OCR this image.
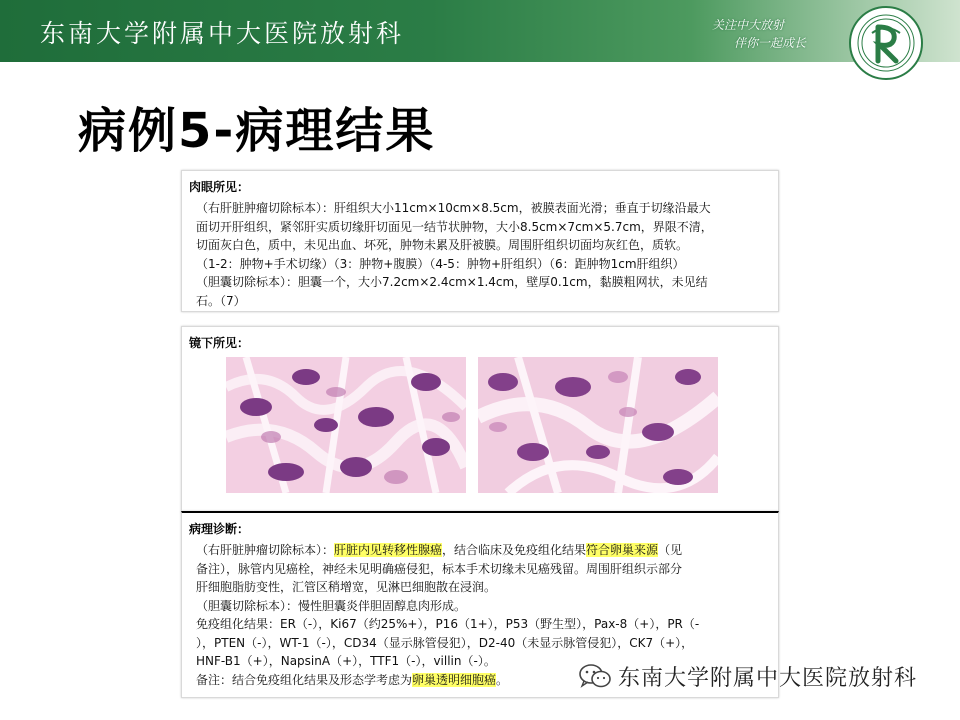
东南大学附属中大医院放射科	关注中大放射
伴你一起成长
病例5-病理结果
肉眼所见：
（右肝脏肿瘤切除标本）：肝组织大小11cm×10cm×8.5cm，被膜表面光滑；垂直于切缘沿最大
面切开肝组织，紧邻肝实质切缘肝切面见一结节状肿物，大小8.5cm×7cm×5.7cm，界限不清，
切面灰白色，质中，未见出血、坏死，肿物未累及肝被膜。周围肝组织切面均灰红色，质软。
（1-2：肿物+手术切缘）（3：肿物+腹膜）（4-5：肿物+肝组织）（6：距肿物1cm肝组织）
（胆囊切除标本）：胆囊一个，大小7.2cm×2.4cm×1.4cm，壁厚0.1cm，黏膜粗网状，未见结
石。（7）
镜下所见：
病理诊断：
（右肝脏肿瘤切除标本）：肝脏内见转移性腺癌，结合临床及免疫组化结果符合卵巢来源（见
备注），脉管内见癌栓，神经未见明确癌侵犯，标本手术切缘未见癌残留。周围肝组织示部分
肝细胞脂肪变性，汇管区稍增宽，见淋巴细胞散在浸润。
（胆囊切除标本）：慢性胆囊炎伴胆固醇息肉形成。
免疫组化结果：ER（-），Ki67（约25%+），P16（1+），P53（野生型），Pax-8（+），PR（-
），PTEN（-），WT-1（-），CD34（显示脉管侵犯），D2-40（未显示脉管侵犯），CK7（+），
HNF-B1（+），NapsinA（+），TTF1（-），villin（-）。
备注：结合免疫组化结果及形态学考虑为卵巢透明细胞癌。	东南大学附属中大医院放射科
